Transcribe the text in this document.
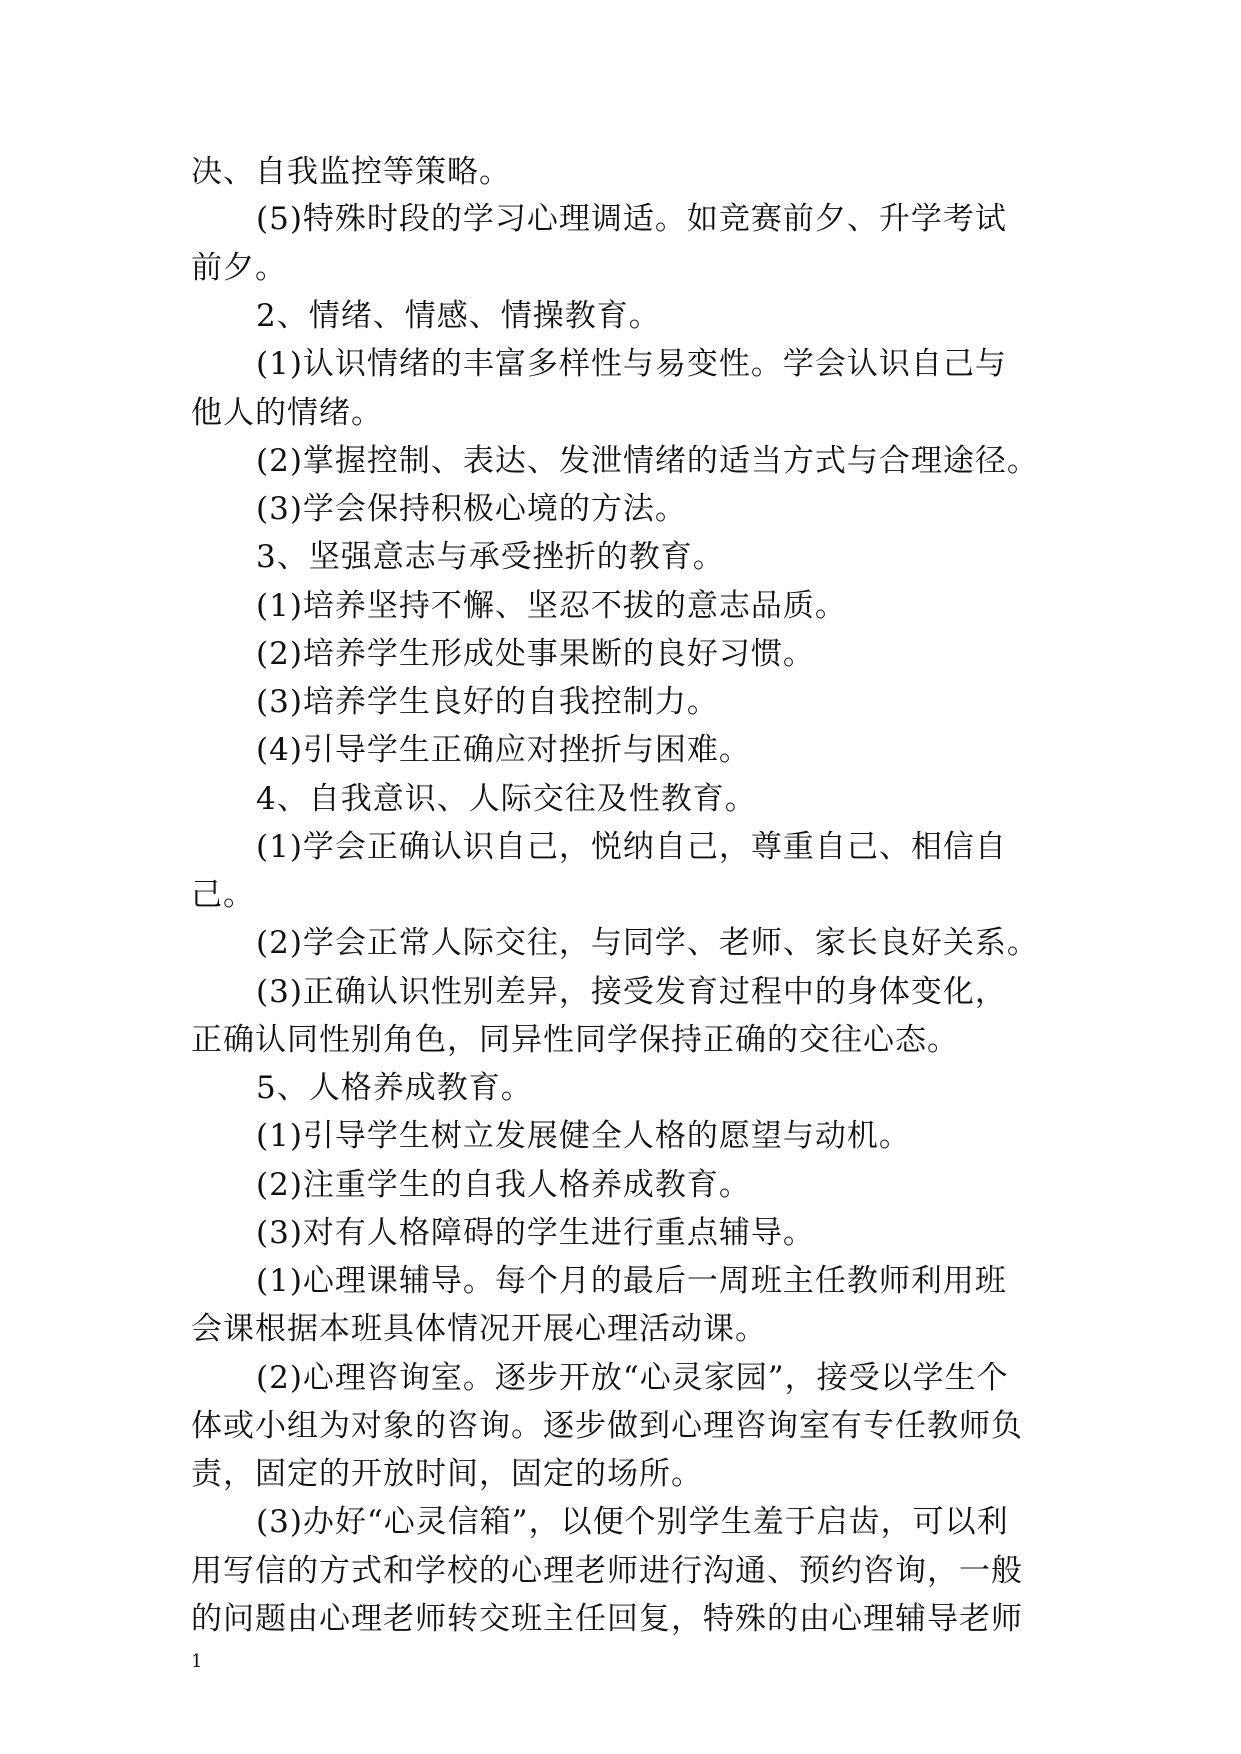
决、自我监控等策略。
(5)特殊时段的学习心理调适。如竞赛前夕、升学考试
前夕。
2、情绪、情感、情操教育。
(1)认识情绪的丰富多样性与易变性。学会认识自己与
他人的情绪。
(2)掌握控制、表达、发泄情绪的适当方式与合理途径。
(3)学会保持积极心境的方法。
3、坚强意志与承受挫折的教育。
(1)培养坚持不懈、坚忍不拔的意志品质。
(2)培养学生形成处事果断的良好习惯。
(3)培养学生良好的自我控制力。
(4)引导学生正确应对挫折与困难。
4、自我意识、人际交往及性教育。
(1)学会正确认识自己，悦纳自己，尊重自己、相信自
己。
(2)学会正常人际交往，与同学、老师、家长良好关系。
(3)正确认识性别差异，接受发育过程中的身体变化，
正确认同性别角色，同异性同学保持正确的交往心态。
5、人格养成教育。
(1)引导学生树立发展健全人格的愿望与动机。
(2)注重学生的自我人格养成教育。
(3)对有人格障碍的学生进行重点辅导。
(1)心理课辅导。每个月的最后一周班主任教师利用班
会课根据本班具体情况开展心理活动课。
(2)心理咨询室。逐步开放“心灵家园”，接受以学生个
体或小组为对象的咨询。逐步做到心理咨询室有专任教师负
责，固定的开放时间，固定的场所。
(3)办好“心灵信箱”，以便个别学生羞于启齿，可以利
用写信的方式和学校的心理老师进行沟通、预约咨询，一般
的问题由心理老师转交班主任回复，特殊的由心理辅导老师
1
